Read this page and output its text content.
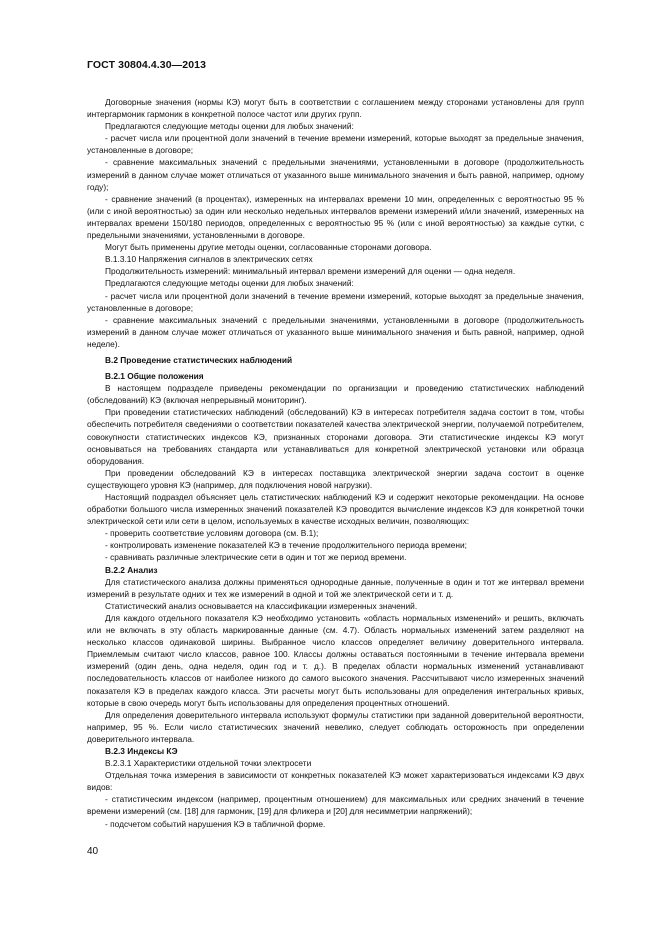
ГОСТ 30804.4.30—2013

Договорные значения (нормы КЭ) могут быть в соответствии с соглашением между сторонами установлены для групп интергармоник гармоник в конкретной полосе частот или других групп.

Предлагаются следующие методы оценки для любых значений:

- расчет числа или процентной доли значений в течение времени измерений, которые выходят за предельные значения, установленные в договоре;

- сравнение максимальных значений с предельными значениями, установленными в договоре (продолжительность измерений в данном случае может отличаться от указанного выше минимального значения и быть равной, например, одному году);

- сравнение значений (в процентах), измеренных на интервалах времени 10 мин, определенных с вероятностью 95 % (или с иной вероятностью) за один или несколько недельных интервалов времени измерений и/или значений, измеренных на интервалах времени 150/180 периодов, определенных с вероятностью 95 % (или с иной вероятностью) за каждые сутки, с предельными значениями, установленными в договоре.

Могут быть применены другие методы оценки, согласованные сторонами договора.

В.1.3.10 Напряжения сигналов в электрических сетях

Продолжительность измерений: минимальный интервал времени измерений для оценки — одна неделя.

Предлагаются следующие методы оценки для любых значений:

- расчет числа или процентной доли значений в течение времени измерений, которые выходят за предельные значения, установленные в договоре;

- сравнение максимальных значений с предельными значениями, установленными в договоре (продолжительность измерений в данном случае может отличаться от указанного выше минимального значения и быть равной, например, одной неделе).

В.2 Проведение статистических наблюдений

В.2.1 Общие положения

В настоящем подразделе приведены рекомендации по организации и проведению статистических наблюдений (обследований) КЭ (включая непрерывный мониторинг).

При проведении статистических наблюдений (обследований) КЭ в интересах потребителя задача состоит в том, чтобы обеспечить потребителя сведениями о соответствии показателей качества электрической энергии, получаемой потребителем, совокупности статистических индексов КЭ, признанных сторонами договора. Эти статистические индексы КЭ могут основываться на требованиях стандарта или устанавливаться для конкретной электрической установки или образца оборудования.

При проведении обследований КЭ в интересах поставщика электрической энергии задача состоит в оценке существующего уровня КЭ (например, для подключения новой нагрузки).

Настоящий подраздел объясняет цель статистических наблюдений КЭ и содержит некоторые рекомендации. На основе обработки большого числа измеренных значений показателей КЭ проводится вычисление индексов КЭ для конкретной точки электрической сети или сети в целом, используемых в качестве исходных величин, позволяющих:

- проверить соответствие условиям договора (см. В.1);

- контролировать изменение показателей КЭ в течение продолжительного периода времени;

- сравнивать различные электрические сети в один и тот же период времени.

В.2.2 Анализ

Для статистического анализа должны применяться однородные данные, полученные в один и тот же интервал времени измерений в результате одних и тех же измерений в одной и той же электрической сети и т. д.

Статистический анализ основывается на классификации измеренных значений.

Для каждого отдельного показателя КЭ необходимо установить «область нормальных изменений» и решить, включать или не включать в эту область маркированные данные (см. 4.7). Область нормальных изменений затем разделяют на несколько классов одинаковой ширины. Выбранное число классов определяет величину доверительного интервала. Приемлемым считают число классов, равное 100. Классы должны оставаться постоянными в течение интервала времени измерений (один день, одна неделя, один год и т. д.). В пределах области нормальных изменений устанавливают последовательность классов от наиболее низкого до самого высокого значения. Рассчитывают число измеренных значений показателя КЭ в пределах каждого класса. Эти расчеты могут быть использованы для определения интегральных кривых, которые в свою очередь могут быть использованы для определения процентных отношений.

Для определения доверительного интервала используют формулы статистики при заданной доверительной вероятности, например, 95 %. Если число статистических значений невелико, следует соблюдать осторожность при определении доверительного интервала.

В.2.3 Индексы КЭ

В.2.3.1 Характеристики отдельной точки электросети

Отдельная точка измерения в зависимости от конкретных показателей КЭ может характеризоваться индексами КЭ двух видов:

- статистическим индексом (например, процентным отношением) для максимальных или средних значений в течение времени измерений (см. [18] для гармоник, [19] для фликера и [20] для несимметрии напряжений);

- подсчетом событий нарушения КЭ в табличной форме.

40
